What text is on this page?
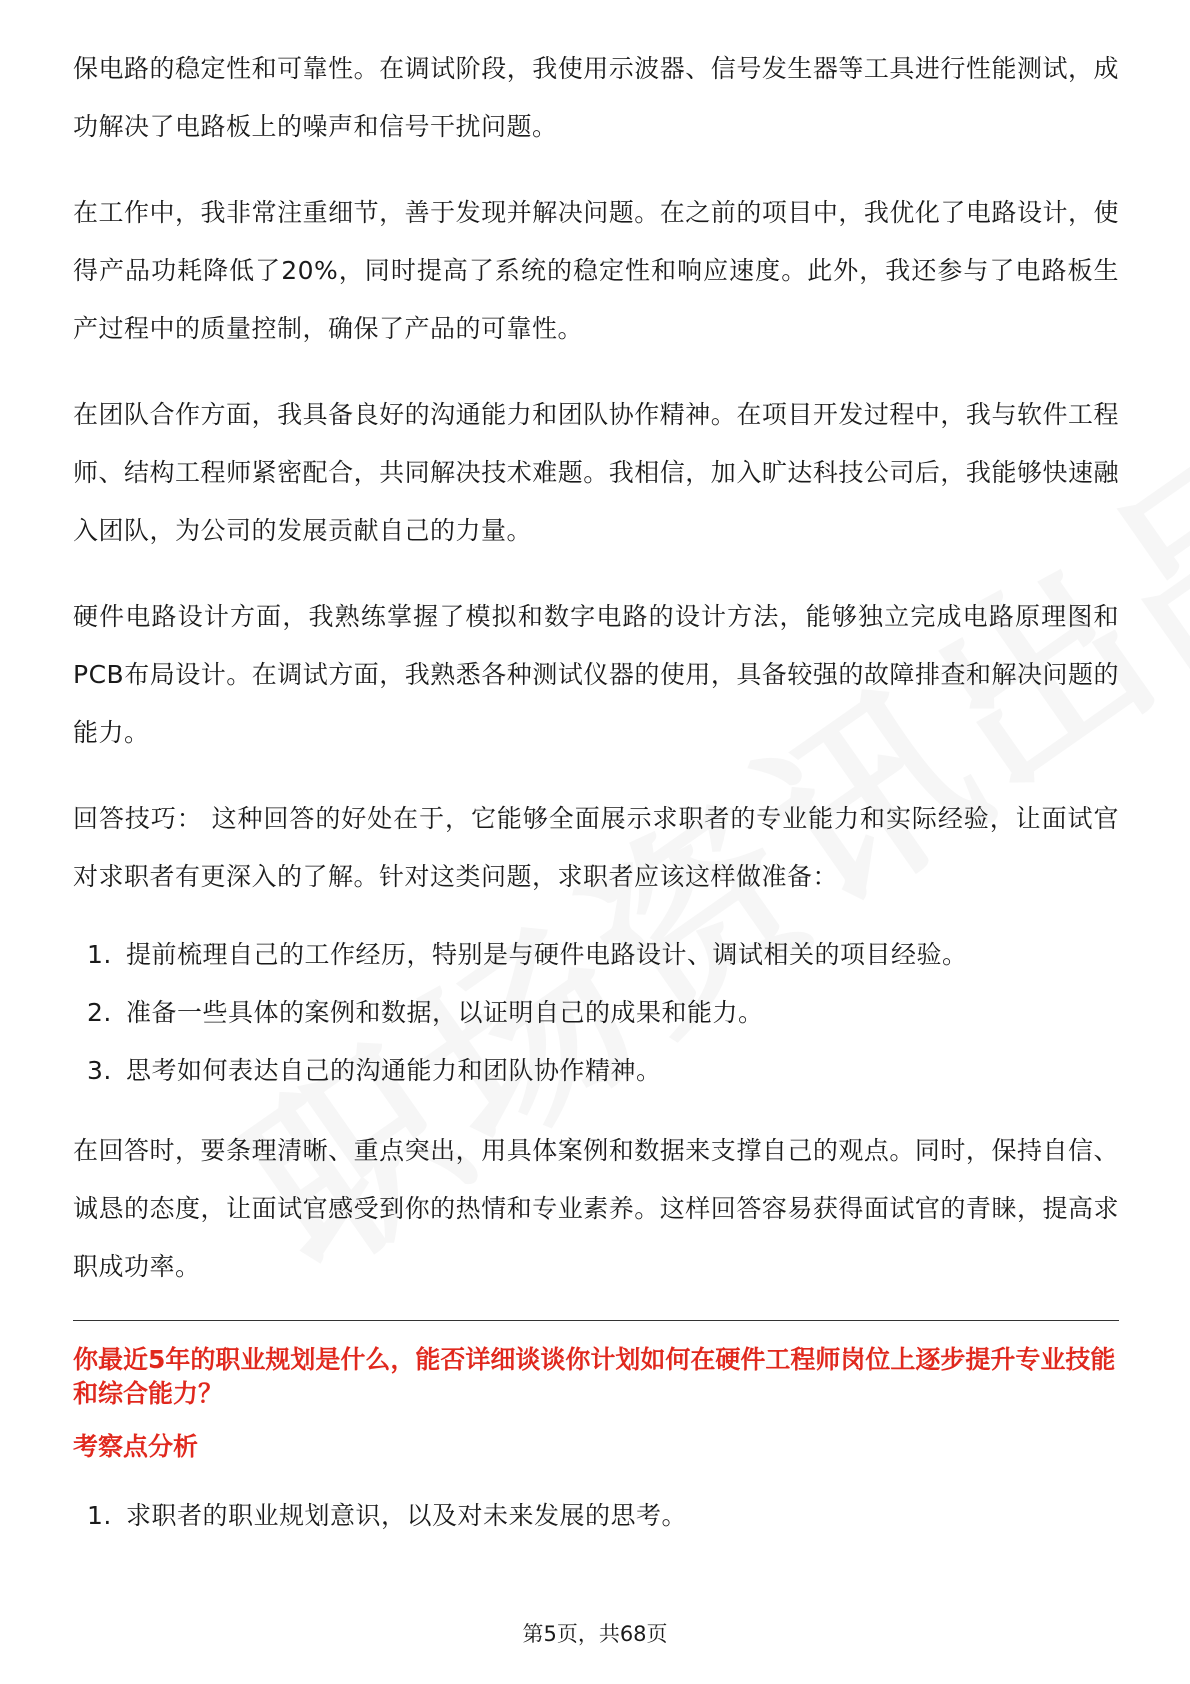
保电路的稳定性和可靠性。在调试阶段，我使用示波器、信号发生器等工具进行性能测试，成功解决了电路板上的噪声和信号干扰问题。

在工作中，我非常注重细节，善于发现并解决问题。在之前的项目中，我优化了电路设计，使得产品功耗降低了20%，同时提高了系统的稳定性和响应速度。此外，我还参与了电路板生产过程中的质量控制，确保了产品的可靠性。

在团队合作方面，我具备良好的沟通能力和团队协作精神。在项目开发过程中，我与软件工程师、结构工程师紧密配合，共同解决技术难题。我相信，加入旷达科技公司后，我能够快速融入团队，为公司的发展贡献自己的力量。

硬件电路设计方面，我熟练掌握了模拟和数字电路的设计方法，能够独立完成电路原理图和PCB布局设计。在调试方面，我熟悉各种测试仪器的使用，具备较强的故障排查和解决问题的能力。

回答技巧： 这种回答的好处在于，它能够全面展示求职者的专业能力和实际经验，让面试官对求职者有更深入的了解。针对这类问题，求职者应该这样做准备：

1. 提前梳理自己的工作经历，特别是与硬件电路设计、调试相关的项目经验。
2. 准备一些具体的案例和数据，以证明自己的成果和能力。
3. 思考如何表达自己的沟通能力和团队协作精神。

在回答时，要条理清晰、重点突出，用具体案例和数据来支撑自己的观点。同时，保持自信、诚恳的态度，让面试官感受到你的热情和专业素养。这样回答容易获得面试官的青睐，提高求职成功率。

你最近5年的职业规划是什么，能否详细谈谈你计划如何在硬件工程师岗位上逐步提升专业技能和综合能力？

考察点分析

1. 求职者的职业规划意识，以及对未来发展的思考。
第5页，共68页
